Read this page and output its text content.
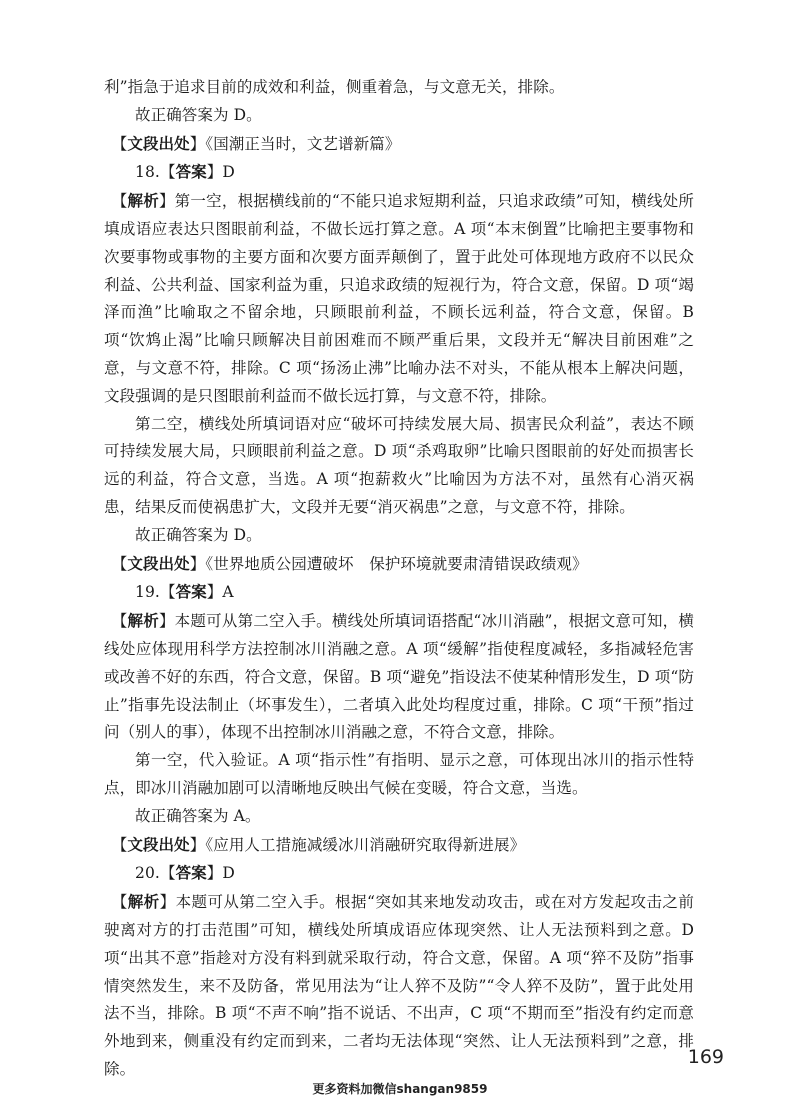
利”指急于追求目前的成效和利益，侧重着急，与文意无关，排除。

故正确答案为 D。

【文段出处】《国潮正当时，文艺谱新篇》

18.【答案】D

【解析】第一空，根据横线前的“不能只追求短期利益，只追求政绩”可知，横线处所填成语应表达只图眼前利益，不做长远打算之意。A 项“本末倒置”比喻把主要事物和次要事物或事物的主要方面和次要方面弄颠倒了，置于此处可体现地方政府不以民众利益、公共利益、国家利益为重，只追求政绩的短视行为，符合文意，保留。D 项“竭泽而渔”比喻取之不留余地，只顾眼前利益，不顾长远利益，符合文意，保留。B 项“饮鸩止渴”比喻只顾解决目前困难而不顾严重后果，文段并无“解决目前困难”之意，与文意不符，排除。C 项“扬汤止沸”比喻办法不对头，不能从根本上解决问题，文段强调的是只图眼前利益而不做长远打算，与文意不符，排除。

第二空，横线处所填词语对应“破坏可持续发展大局、损害民众利益”，表达不顾可持续发展大局，只顾眼前利益之意。D 项“杀鸡取卵”比喻只图眼前的好处而损害长远的利益，符合文意，当选。A 项“抱薪救火”比喻因为方法不对，虽然有心消灭祸患，结果反而使祸患扩大，文段并无要“消灭祸患”之意，与文意不符，排除。

故正确答案为 D。

【文段出处】《世界地质公园遭破坏　保护环境就要肃清错误政绩观》

19.【答案】A

【解析】本题可从第二空入手。横线处所填词语搭配“冰川消融”，根据文意可知，横线处应体现用科学方法控制冰川消融之意。A 项“缓解”指使程度减轻，多指减轻危害或改善不好的东西，符合文意，保留。B 项“避免”指设法不使某种情形发生，D 项“防止”指事先设法制止（坏事发生），二者填入此处均程度过重，排除。C 项“干预”指过问（别人的事），体现不出控制冰川消融之意，不符合文意，排除。

第一空，代入验证。A 项“指示性”有指明、显示之意，可体现出冰川的指示性特点，即冰川消融加剧可以清晰地反映出气候在变暖，符合文意，当选。

故正确答案为 A。

【文段出处】《应用人工措施减缓冰川消融研究取得新进展》

20.【答案】D

【解析】本题可从第二空入手。根据“突如其来地发动攻击，或在对方发起攻击之前驶离对方的打击范围”可知，横线处所填成语应体现突然、让人无法预料到之意。D 项“出其不意”指趁对方没有料到就采取行动，符合文意，保留。A 项“猝不及防”指事情突然发生，来不及防备，常见用法为“让人猝不及防”“令人猝不及防”，置于此处用法不当，排除。B 项“不声不响”指不说话、不出声，C 项“不期而至”指没有约定而意外地到来，侧重没有约定而到来，二者均无法体现“突然、让人无法预料到”之意，排除。

169
更多资料加微信shangan9859
